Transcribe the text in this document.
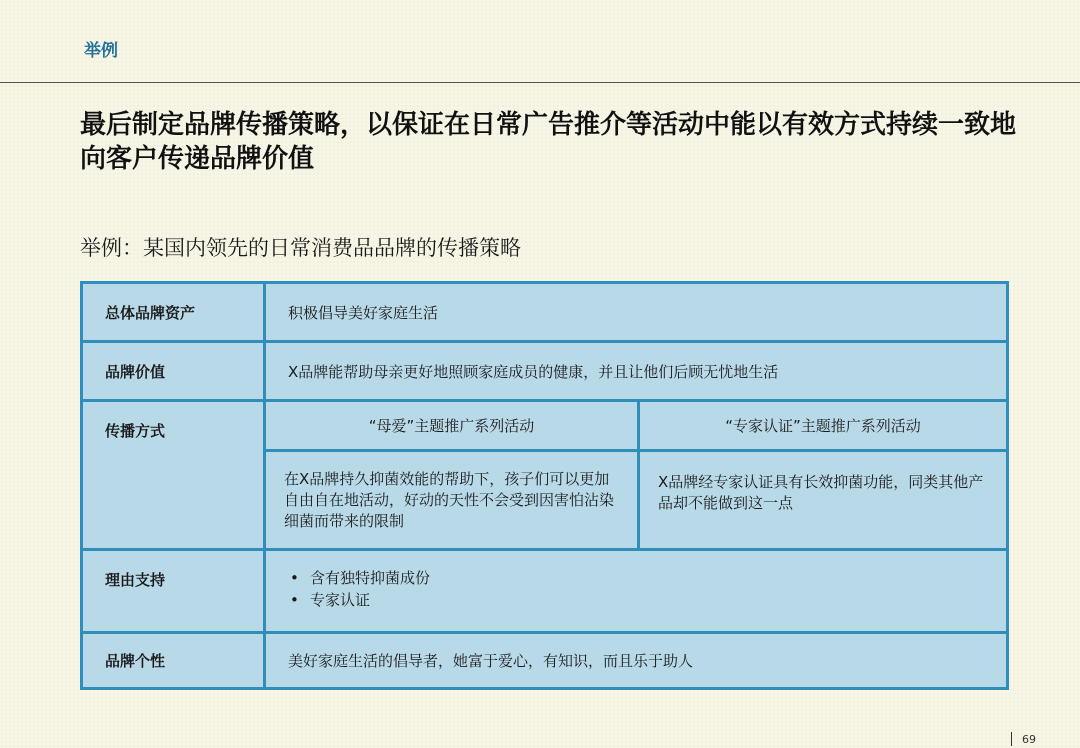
举例
最后制定品牌传播策略，以保证在日常广告推介等活动中能以有效方式持续一致地向客户传递品牌价值
举例：某国内领先的日常消费品品牌的传播策略
总体品牌资产	积极倡导美好家庭生活
品牌价值	X品牌能帮助母亲更好地照顾家庭成员的健康，并且让他们后顾无忧地生活
传播方式	“母爱”主题推广系列活动	“专家认证”主题推广系列活动
在X品牌持久抑菌效能的帮助下，孩子们可以更加自由自在地活动，好动的天性不会受到因害怕沾染细菌而带来的限制
X品牌经专家认证具有长效抑菌功能，同类其他产品却不能做到这一点
理由支持
•	含有独特抑菌成份
• 专家认证
品牌个性	美好家庭生活的倡导者，她富于爱心，有知识，而且乐于助人
69
